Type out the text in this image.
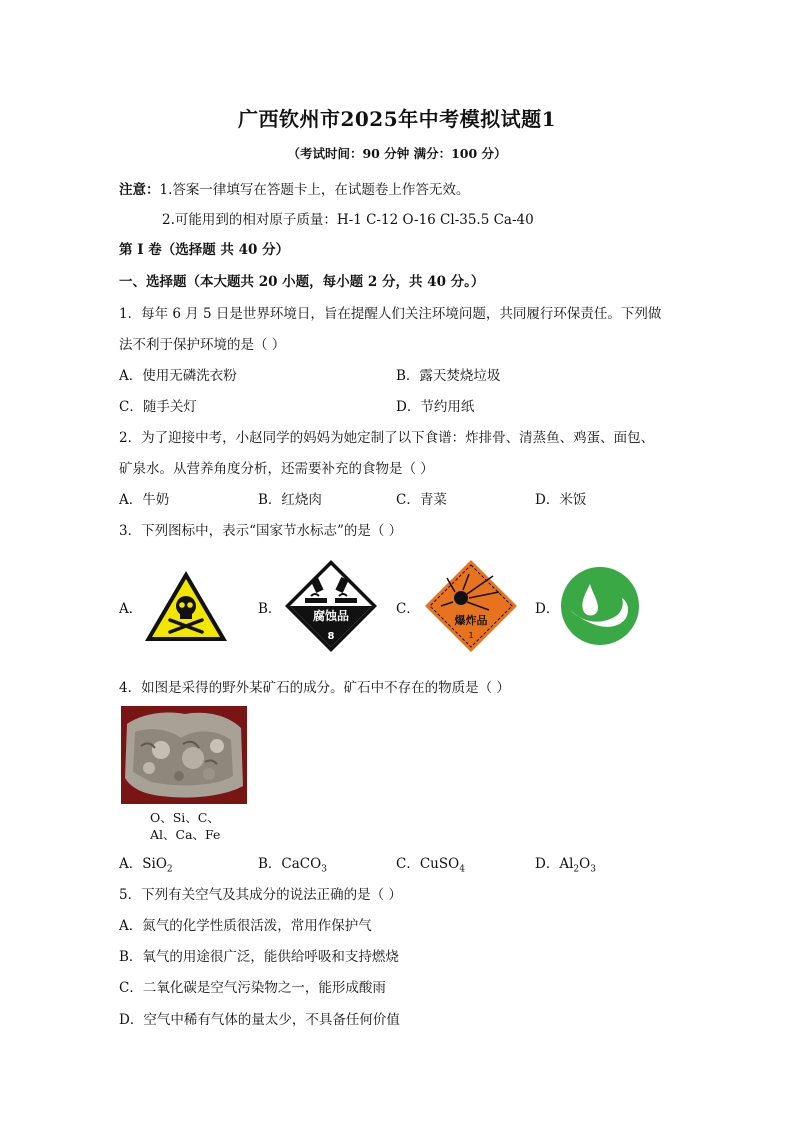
广西钦州市2025年中考模拟试题1
（考试时间：90 分钟 满分：100 分）
注意：1.答案一律填写在答题卡上，在试题卷上作答无效。
2.可能用到的相对原子质量：H-1 C-12 O-16 Cl-35.5 Ca-40
第 I 卷（选择题 共 40 分）
一、选择题（本大题共 20 小题，每小题 2 分，共 40 分。）
1．每年 6 月 5 日是世界环境日，旨在提醒人们关注环境问题，共同履行环保责任。下列做
法不利于保护环境的是（ ）
A．使用无磷洗衣粉	B．露天焚烧垃圾
C．随手关灯	D．节约用纸
2．为了迎接中考，小赵同学的妈妈为她定制了以下食谱：炸排骨、清蒸鱼、鸡蛋、面包、
矿泉水。从营养角度分析，还需要补充的食物是（ ）
A．牛奶	B．红烧肉	C．青菜	D．米饭
3．下列图标中，表示“国家节水标志”的是（ ）
A．	B．	腐蚀品
8
C．
爆炸品
1
D．
4．如图是采得的野外某矿石的成分。矿石中不存在的物质是（ ）
O、Si、C、
Al、Ca、Fe
A．SiO$_2$	B．CaCO$_3$	C．CuSO$_4$	D．$Al_2O_3$
5．下列有关空气及其成分的说法正确的是（ ）
A．氮气的化学性质很活泼，常用作保护气
B．氧气的用途很广泛，能供给呼吸和支持燃烧
C．二氧化碳是空气污染物之一，能形成酸雨
D．空气中稀有气体的量太少，不具备任何价值
